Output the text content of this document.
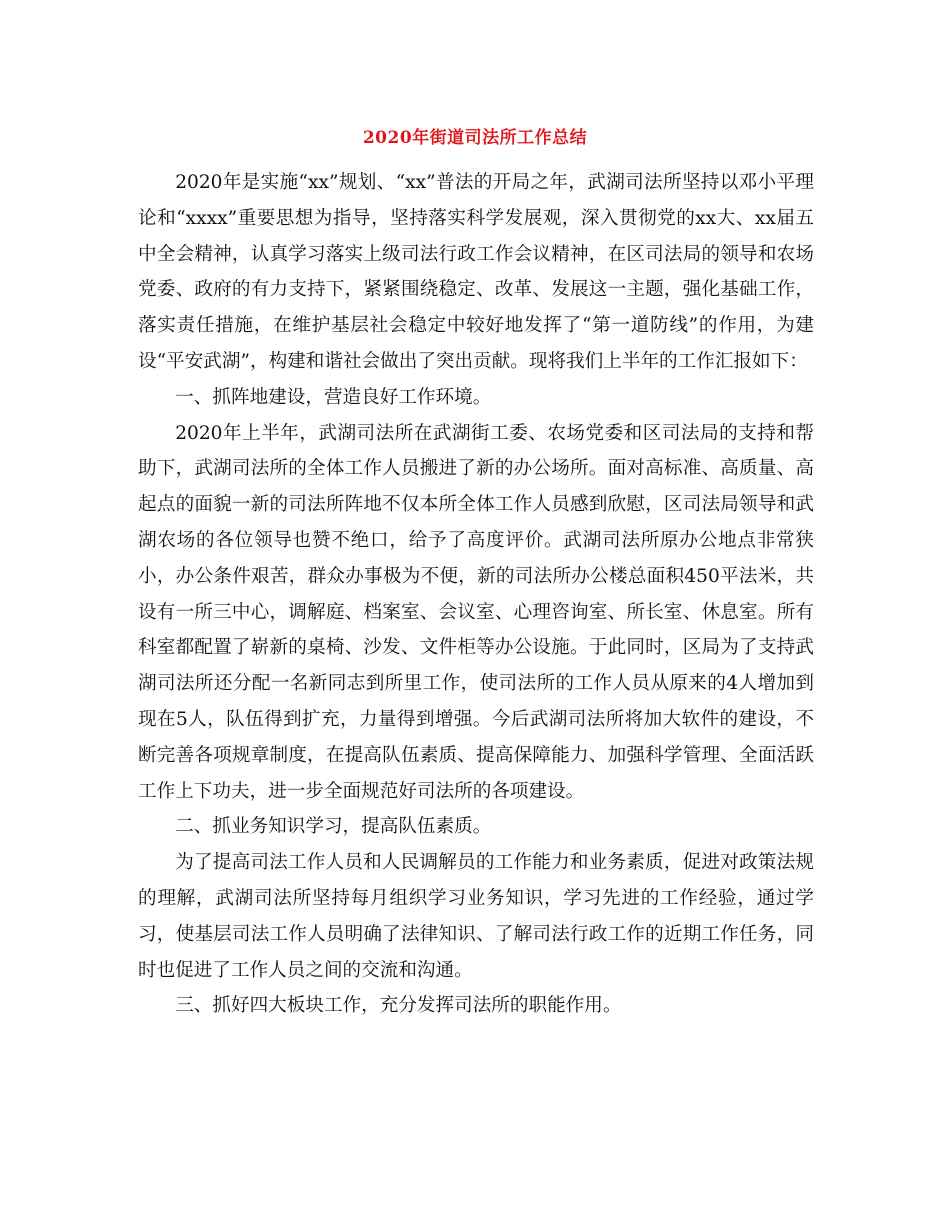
2020年街道司法所工作总结

2020年是实施“xx”规划、“xx”普法的开局之年，武湖司法所坚持以邓小平理论和“xxxx”重要思想为指导，坚持落实科学发展观，深入贯彻党的xx大、xx届五中全会精神，认真学习落实上级司法行政工作会议精神，在区司法局的领导和农场党委、政府的有力支持下，紧紧围绕稳定、改革、发展这一主题，强化基础工作，落实责任措施，在维护基层社会稳定中较好地发挥了“第一道防线”的作用，为建设“平安武湖”，构建和谐社会做出了突出贡献。现将我们上半年的工作汇报如下：

一、抓阵地建设，营造良好工作环境。

2020年上半年，武湖司法所在武湖街工委、农场党委和区司法局的支持和帮助下，武湖司法所的全体工作人员搬进了新的办公场所。面对高标准、高质量、高起点的面貌一新的司法所阵地不仅本所全体工作人员感到欣慰，区司法局领导和武湖农场的各位领导也赞不绝口，给予了高度评价。武湖司法所原办公地点非常狭小，办公条件艰苦，群众办事极为不便，新的司法所办公楼总面积450平法米，共设有一所三中心，调解庭、档案室、会议室、心理咨询室、所长室、休息室。所有科室都配置了崭新的桌椅、沙发、文件柜等办公设施。于此同时，区局为了支持武湖司法所还分配一名新同志到所里工作，使司法所的工作人员从原来的4人增加到现在5人，队伍得到扩充，力量得到增强。今后武湖司法所将加大软件的建设，不断完善各项规章制度，在提高队伍素质、提高保障能力、加强科学管理、全面活跃工作上下功夫，进一步全面规范好司法所的各项建设。

二、抓业务知识学习，提高队伍素质。

为了提高司法工作人员和人民调解员的工作能力和业务素质，促进对政策法规的理解，武湖司法所坚持每月组织学习业务知识，学习先进的工作经验，通过学习，使基层司法工作人员明确了法律知识、了解司法行政工作的近期工作任务，同时也促进了工作人员之间的交流和沟通。

三、抓好四大板块工作，充分发挥司法所的职能作用。
